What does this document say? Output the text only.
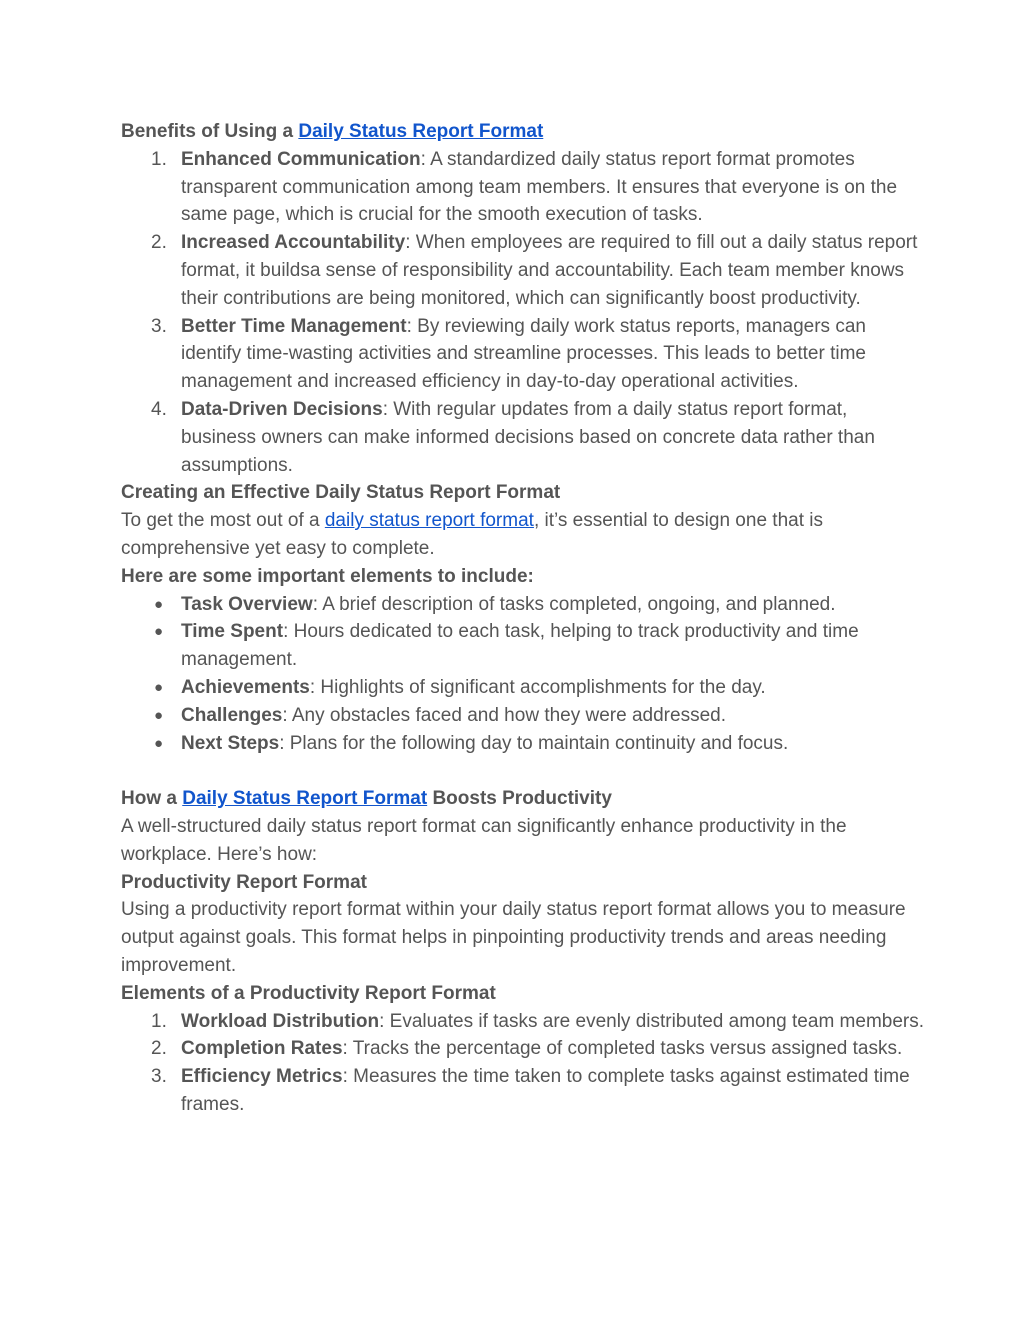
Benefits of Using a Daily Status Report Format

1. Enhanced Communication: A standardized daily status report format promotes transparent communication among team members. It ensures that everyone is on the same page, which is crucial for the smooth execution of tasks.
2. Increased Accountability: When employees are required to fill out a daily status report format, it buildsa sense of responsibility and accountability. Each team member knows their contributions are being monitored, which can significantly boost productivity.
3. Better Time Management: By reviewing daily work status reports, managers can identify time-wasting activities and streamline processes. This leads to better time management and increased efficiency in day-to-day operational activities.
4. Data-Driven Decisions: With regular updates from a daily status report format, business owners can make informed decisions based on concrete data rather than assumptions.

Creating an Effective Daily Status Report Format

To get the most out of a daily status report format, it’s essential to design one that is comprehensive yet easy to complete.

Here are some important elements to include:

● Task Overview: A brief description of tasks completed, ongoing, and planned.
● Time Spent: Hours dedicated to each task, helping to track productivity and time management.
● Achievements: Highlights of significant accomplishments for the day.
● Challenges: Any obstacles faced and how they were addressed.
● Next Steps: Plans for the following day to maintain continuity and focus.

How a Daily Status Report Format Boosts Productivity

A well-structured daily status report format can significantly enhance productivity in the workplace. Here’s how:

Productivity Report Format

Using a productivity report format within your daily status report format allows you to measure output against goals. This format helps in pinpointing productivity trends and areas needing improvement.

Elements of a Productivity Report Format

1. Workload Distribution: Evaluates if tasks are evenly distributed among team members.
2. Completion Rates: Tracks the percentage of completed tasks versus assigned tasks.
3. Efficiency Metrics: Measures the time taken to complete tasks against estimated time frames.
